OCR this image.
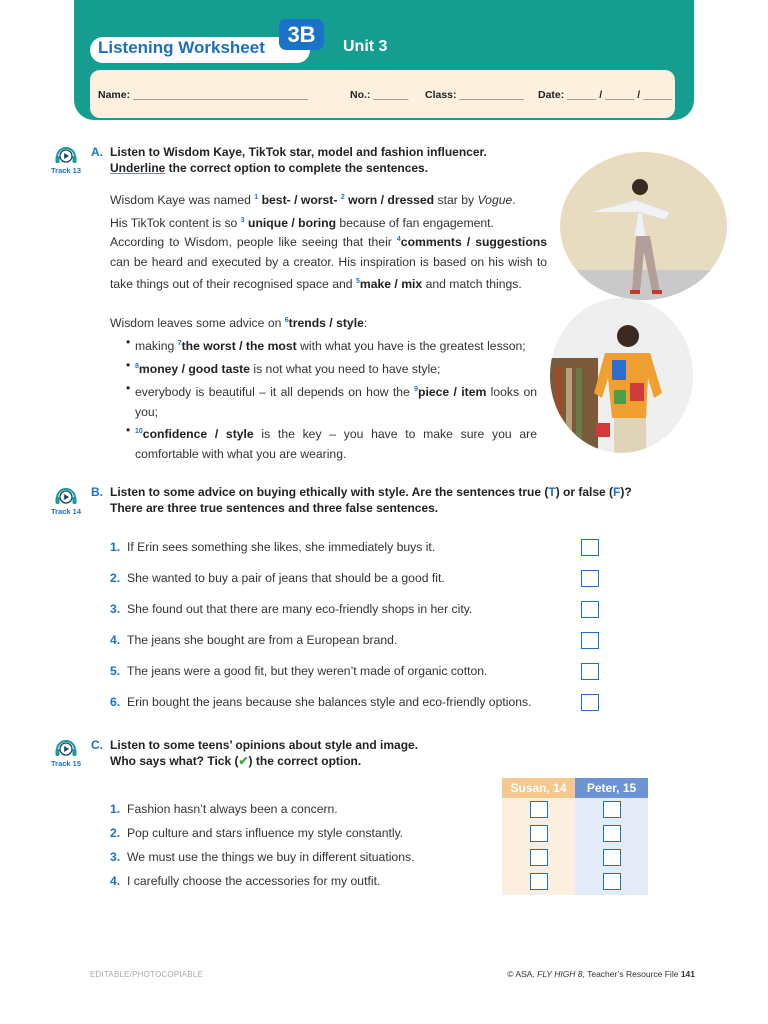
Listening Worksheet
3B	Unit 3
Name: ______________________________	No.: ______ Class: ___________ Date: _____ / _____ / _____
Track 13
A. Listen to Wisdom Kaye, TikTok star, model and fashion influencer.
Underline the correct option to complete the sentences.
Wisdom Kaye was named $^1$ best- / worst- $^2$ worn / dressed star by Vogue.
His TikTok content is so $^3$ unique / boring because of fan engagement.
According to Wisdom, people like seeing that their $^4$comments / suggestions can be heard and executed by a creator. His inspiration is based on his wish to take things out of their recognised space and $^5$make / mix and match things.
Wisdom leaves some advice on $^6$trends / style:
• making $^7$the worst / the most with what you have is the greatest lesson;
• $^8$money / good taste is not what you need to have style;
• everybody is beautiful – it all depends on how the $^9$piece / item looks on you;
• $^{10}$confidence / style is the key – you have to make sure you are comfortable with what you are wearing.
Track 14
B. Listen to some advice on buying ethically with style. Are the sentences true (T) or false (F)?
There are three true sentences and three false sentences.
1. If Erin sees something she likes, she immediately buys it.
2. She wanted to buy a pair of jeans that should be a good fit.
3. She found out that there are many eco-friendly shops in her city.
4. The jeans she bought are from a European brand.
5. The jeans were a good fit, but they weren’t made of organic cotton.
6. Erin bought the jeans because she balances style and eco-friendly options.
Track 15
C. Listen to some teens’ opinions about style and image.
Who says what? Tick (✔) the correct option.
Susan, 14	Peter, 15
1. Fashion hasn’t always been a concern.
2. Pop culture and stars influence my style constantly.
3. We must use the things we buy in different situations.
4. I carefully choose the accessories for my outfit.
EDITABLE/PHOTOCOPIABLE	© ASA, FLY HIGH 8, Teacher’s Resource File 141
